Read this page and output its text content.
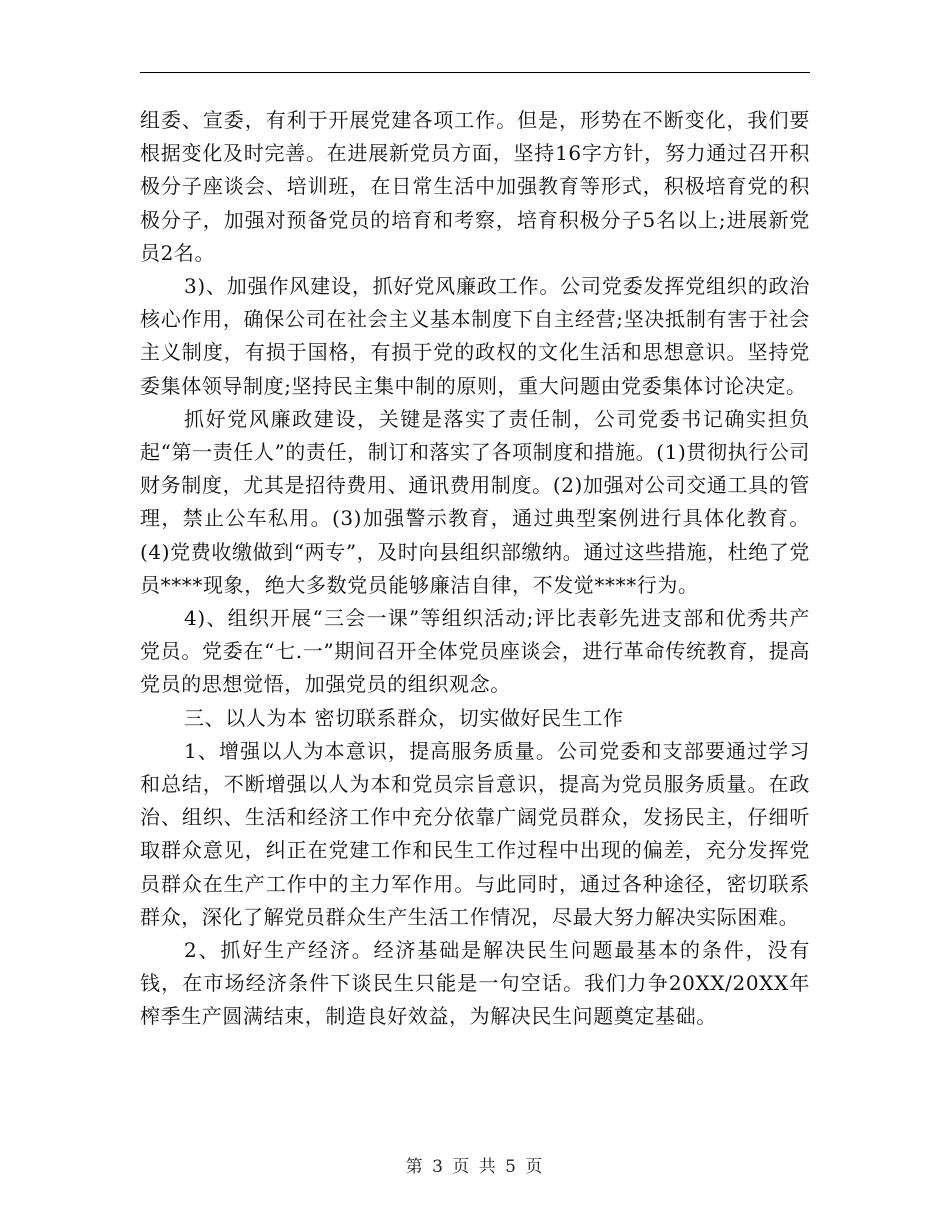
组委、宣委，有利于开展党建各项工作。但是，形势在不断变化，我们要根据变化及时完善。在进展新党员方面，坚持16字方针，努力通过召开积极分子座谈会、培训班，在日常生活中加强教育等形式，积极培育党的积极分子，加强对预备党员的培育和考察，培育积极分子5名以上;进展新党员2名。

3)、加强作风建设，抓好党风廉政工作。公司党委发挥党组织的政治核心作用，确保公司在社会主义基本制度下自主经营;坚决抵制有害于社会主义制度，有损于国格，有损于党的政权的文化生活和思想意识。坚持党委集体领导制度;坚持民主集中制的原则，重大问题由党委集体讨论决定。

抓好党风廉政建设，关键是落实了责任制，公司党委书记确实担负起“第一责任人”的责任，制订和落实了各项制度和措施。(1)贯彻执行公司财务制度，尤其是招待费用、通讯费用制度。(2)加强对公司交通工具的管理，禁止公车私用。(3)加强警示教育，通过典型案例进行具体化教育。(4)党费收缴做到“两专”，及时向县组织部缴纳。通过这些措施，杜绝了党员****现象，绝大多数党员能够廉洁自律，不发觉****行为。

4)、组织开展“三会一课”等组织活动;评比表彰先进支部和优秀共产党员。党委在“七.一”期间召开全体党员座谈会，进行革命传统教育，提高党员的思想觉悟，加强党员的组织观念。

三、以人为本 密切联系群众，切实做好民生工作

1、增强以人为本意识，提高服务质量。公司党委和支部要通过学习和总结，不断增强以人为本和党员宗旨意识，提高为党员服务质量。在政治、组织、生活和经济工作中充分依靠广阔党员群众，发扬民主，仔细听取群众意见，纠正在党建工作和民生工作过程中出现的偏差，充分发挥党员群众在生产工作中的主力军作用。与此同时，通过各种途径，密切联系群众，深化了解党员群众生产生活工作情况，尽最大努力解决实际困难。

2、抓好生产经济。经济基础是解决民生问题最基本的条件，没有钱，在市场经济条件下谈民生只能是一句空话。我们力争20XX/20XX年榨季生产圆满结束，制造良好效益，为解决民生问题奠定基础。

第 3 页 共 5 页
